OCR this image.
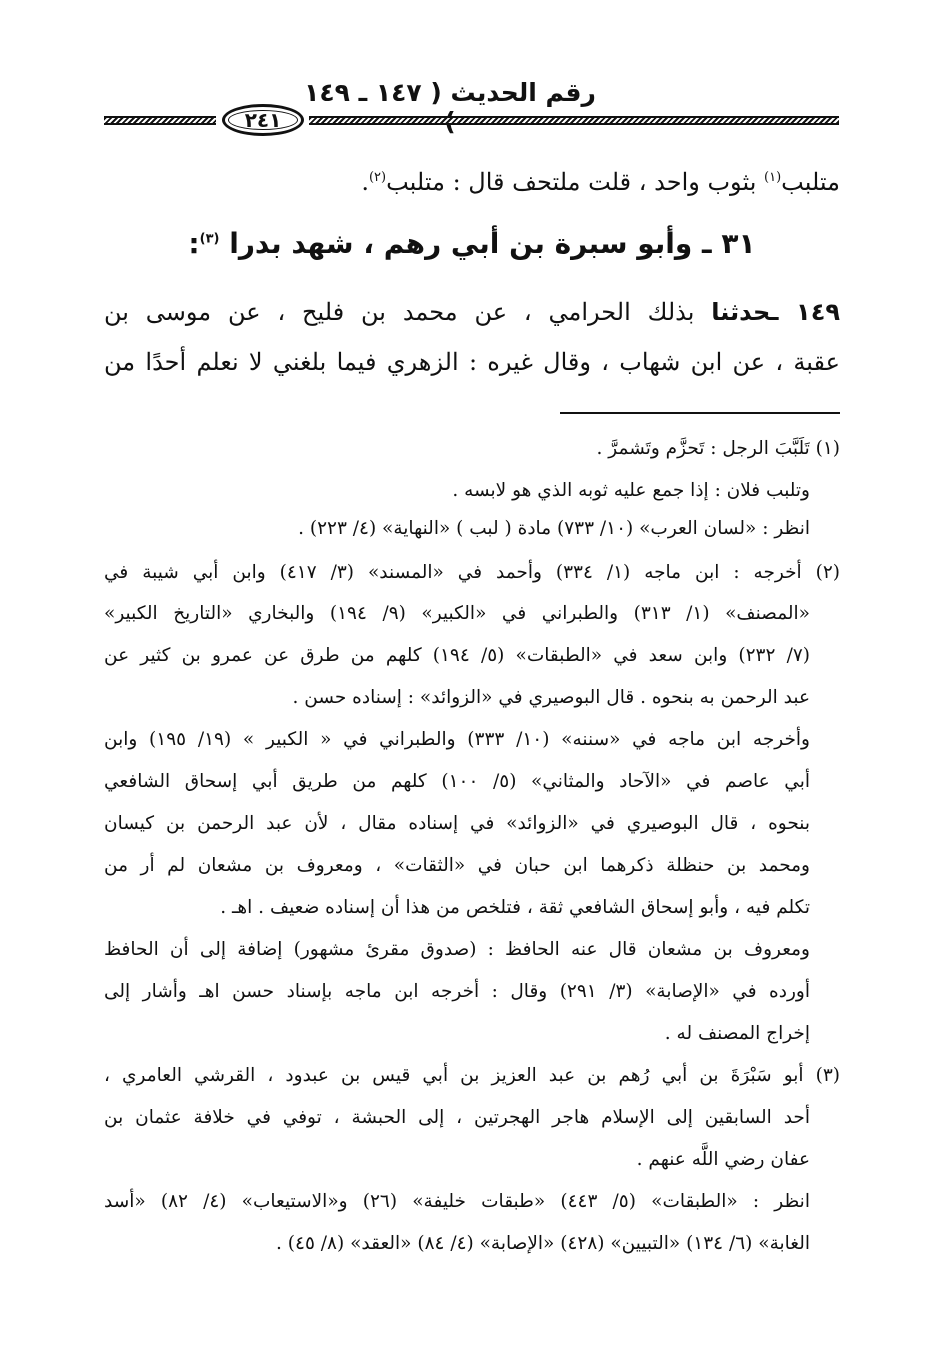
رقم الحديث ( ١٤٧ ـ ١٤٩
٢٤١
متلبب$^{(١)}$ بثوب واحد ، قلت ملتحف قال : متلبب$^{(٢)}$.
٣١ ـ وأبو سبرة بن أبي رهم ، شهد بدرا $^{(٣)}$:
١٤٩ ـحدثنا بذلك الحرامي ، عن محمد بن فليح ، عن موسى بن
عقبة ، عن ابن شهاب ، وقال غيره : الزهري فيما بلغني لا نعلم أحدًا من
(١) تَلَبَّبَ الرجل : تَحزَّم وتَشمرَّ .
وتلبب فلان : إذا جمع عليه ثوبه الذي هو لابسه .
انظر : «لسان العرب» (١٠/ ٧٣٣) مادة ( لبب ) «النهاية» (٤/ ٢٢٣) .
(٢) أخرجه : ابن ماجه (١/ ٣٣٤) وأحمد في «المسند» (٣/ ٤١٧) وابن أبي شيبة في
«المصنف» (١/ ٣١٣) والطبراني في «الكبير» (٩/ ١٩٤) والبخاري «التاريخ الكبير»
(٧/ ٢٣٢) وابن سعد في «الطبقات» (٥/ ١٩٤) كلهم من طرق عن عمرو بن كثير عن
عبد الرحمن به بنحوه . قال البوصيري في «الزوائد» : إسناده حسن .
وأخرجه ابن ماجه في «سننه» (١٠/ ٣٣٣) والطبراني في « الكبير » (١٩/ ١٩٥) وابن
أبي عاصم في «الآحاد والمثاني» (٥/ ١٠٠) كلهم من طريق أبي إسحاق الشافعي
بنحوه ، قال البوصيري في «الزوائد» في إسناده مقال ، لأن عبد الرحمن بن كيسان
ومحمد بن حنظلة ذكرهما ابن حبان في «الثقات» ، ومعروف بن مشعان لم أر من
تكلم فيه ، وأبو إسحاق الشافعي ثقة ، فتلخص من هذا أن إسناده ضعيف . اهـ .
ومعروف بن مشعان قال عنه الحافظ : (صدوق مقرئ مشهور) إضافة إلى أن الحافظ
أورده في «الإصابة» (٣/ ٢٩١) وقال : أخرجه ابن ماجه بإسناد حسن اهـ وأشار إلى
إخراج المصنف له .
(٣) أبو سَبْرَةَ بن أبي رُهم بن عبد العزيز بن أبي قيس بن عبدود ، القرشي العامري ،
أحد السابقين إلى الإسلام هاجر الهجرتين ، إلى الحبشة ، توفي في خلافة عثمان بن
عفان رضي اللَّه عنهم .
انظر : «الطبقات» (٥/ ٤٤٣) «طبقات خليفة» (٢٦) و«الاستيعاب» (٤/ ٨٢) «أسد
الغابة» (٦/ ١٣٤) «التبيين» (٤٢٨) «الإصابة» (٤/ ٨٤) «العقد» (٨/ ٤٥) .
